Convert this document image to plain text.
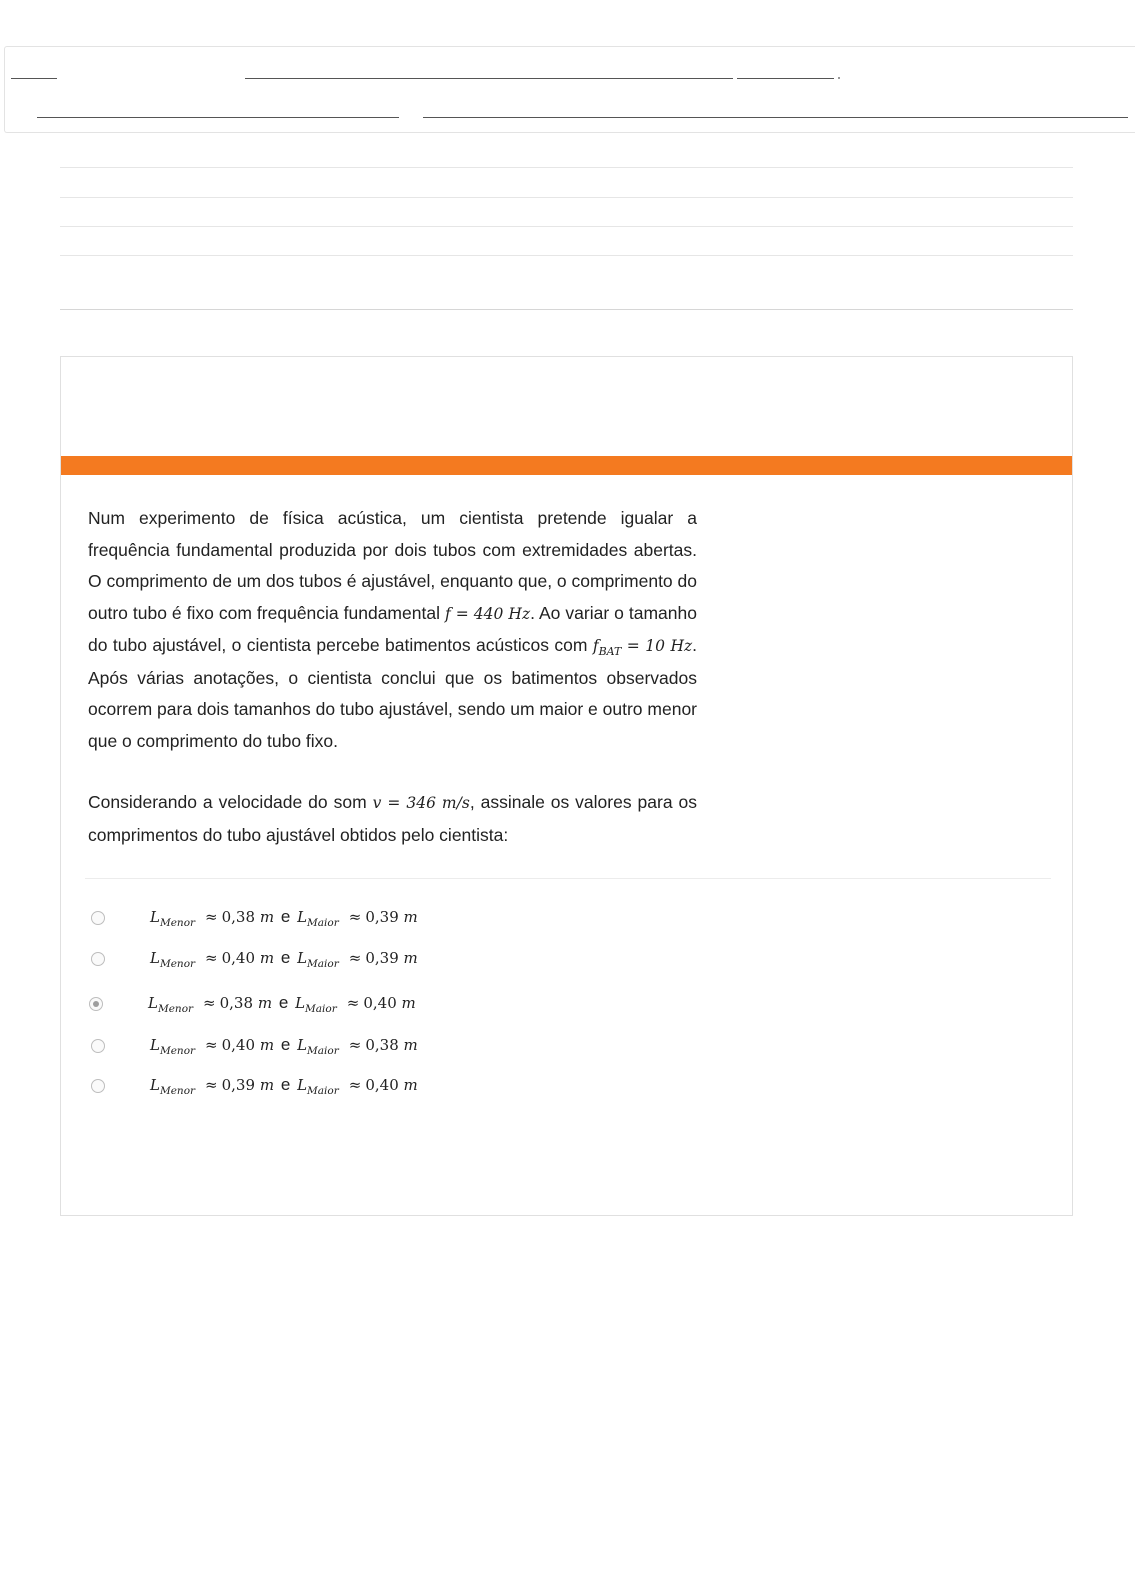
Num experimento de física acústica, um cientista pretende igualar a frequência fundamental produzida por dois tubos com extremidades abertas. O comprimento de um dos tubos é ajustável, enquanto que, o comprimento do outro tubo é fixo com frequência fundamental f = 440 Hz. Ao variar o tamanho do tubo ajustável, o cientista percebe batimentos acústicos com $f_{BAT} = 10$ Hz. Após várias anotações, o cientista conclui que os batimentos observados ocorrem para dois tamanhos do tubo ajustável, sendo um maior e outro menor que o comprimento do tubo fixo.

Considerando a velocidade do som v = 346 m/s, assinale os valores para os comprimentos do tubo ajustável obtidos pelo cientista:

$L_{Menor} \approx 0,38$ m e $L_{Maior} \approx 0,39$ m
$L_{Menor} \approx 0,40$ m e $L_{Maior} \approx 0,39$ m
$L_{Menor} \approx 0,38$ m e $L_{Maior} \approx 0,40$ m
$L_{Menor} \approx 0,40$ m e $L_{Maior} \approx 0,38$ m
$L_{Menor} \approx 0,39$ m e $L_{Maior} \approx 0,40$ m
